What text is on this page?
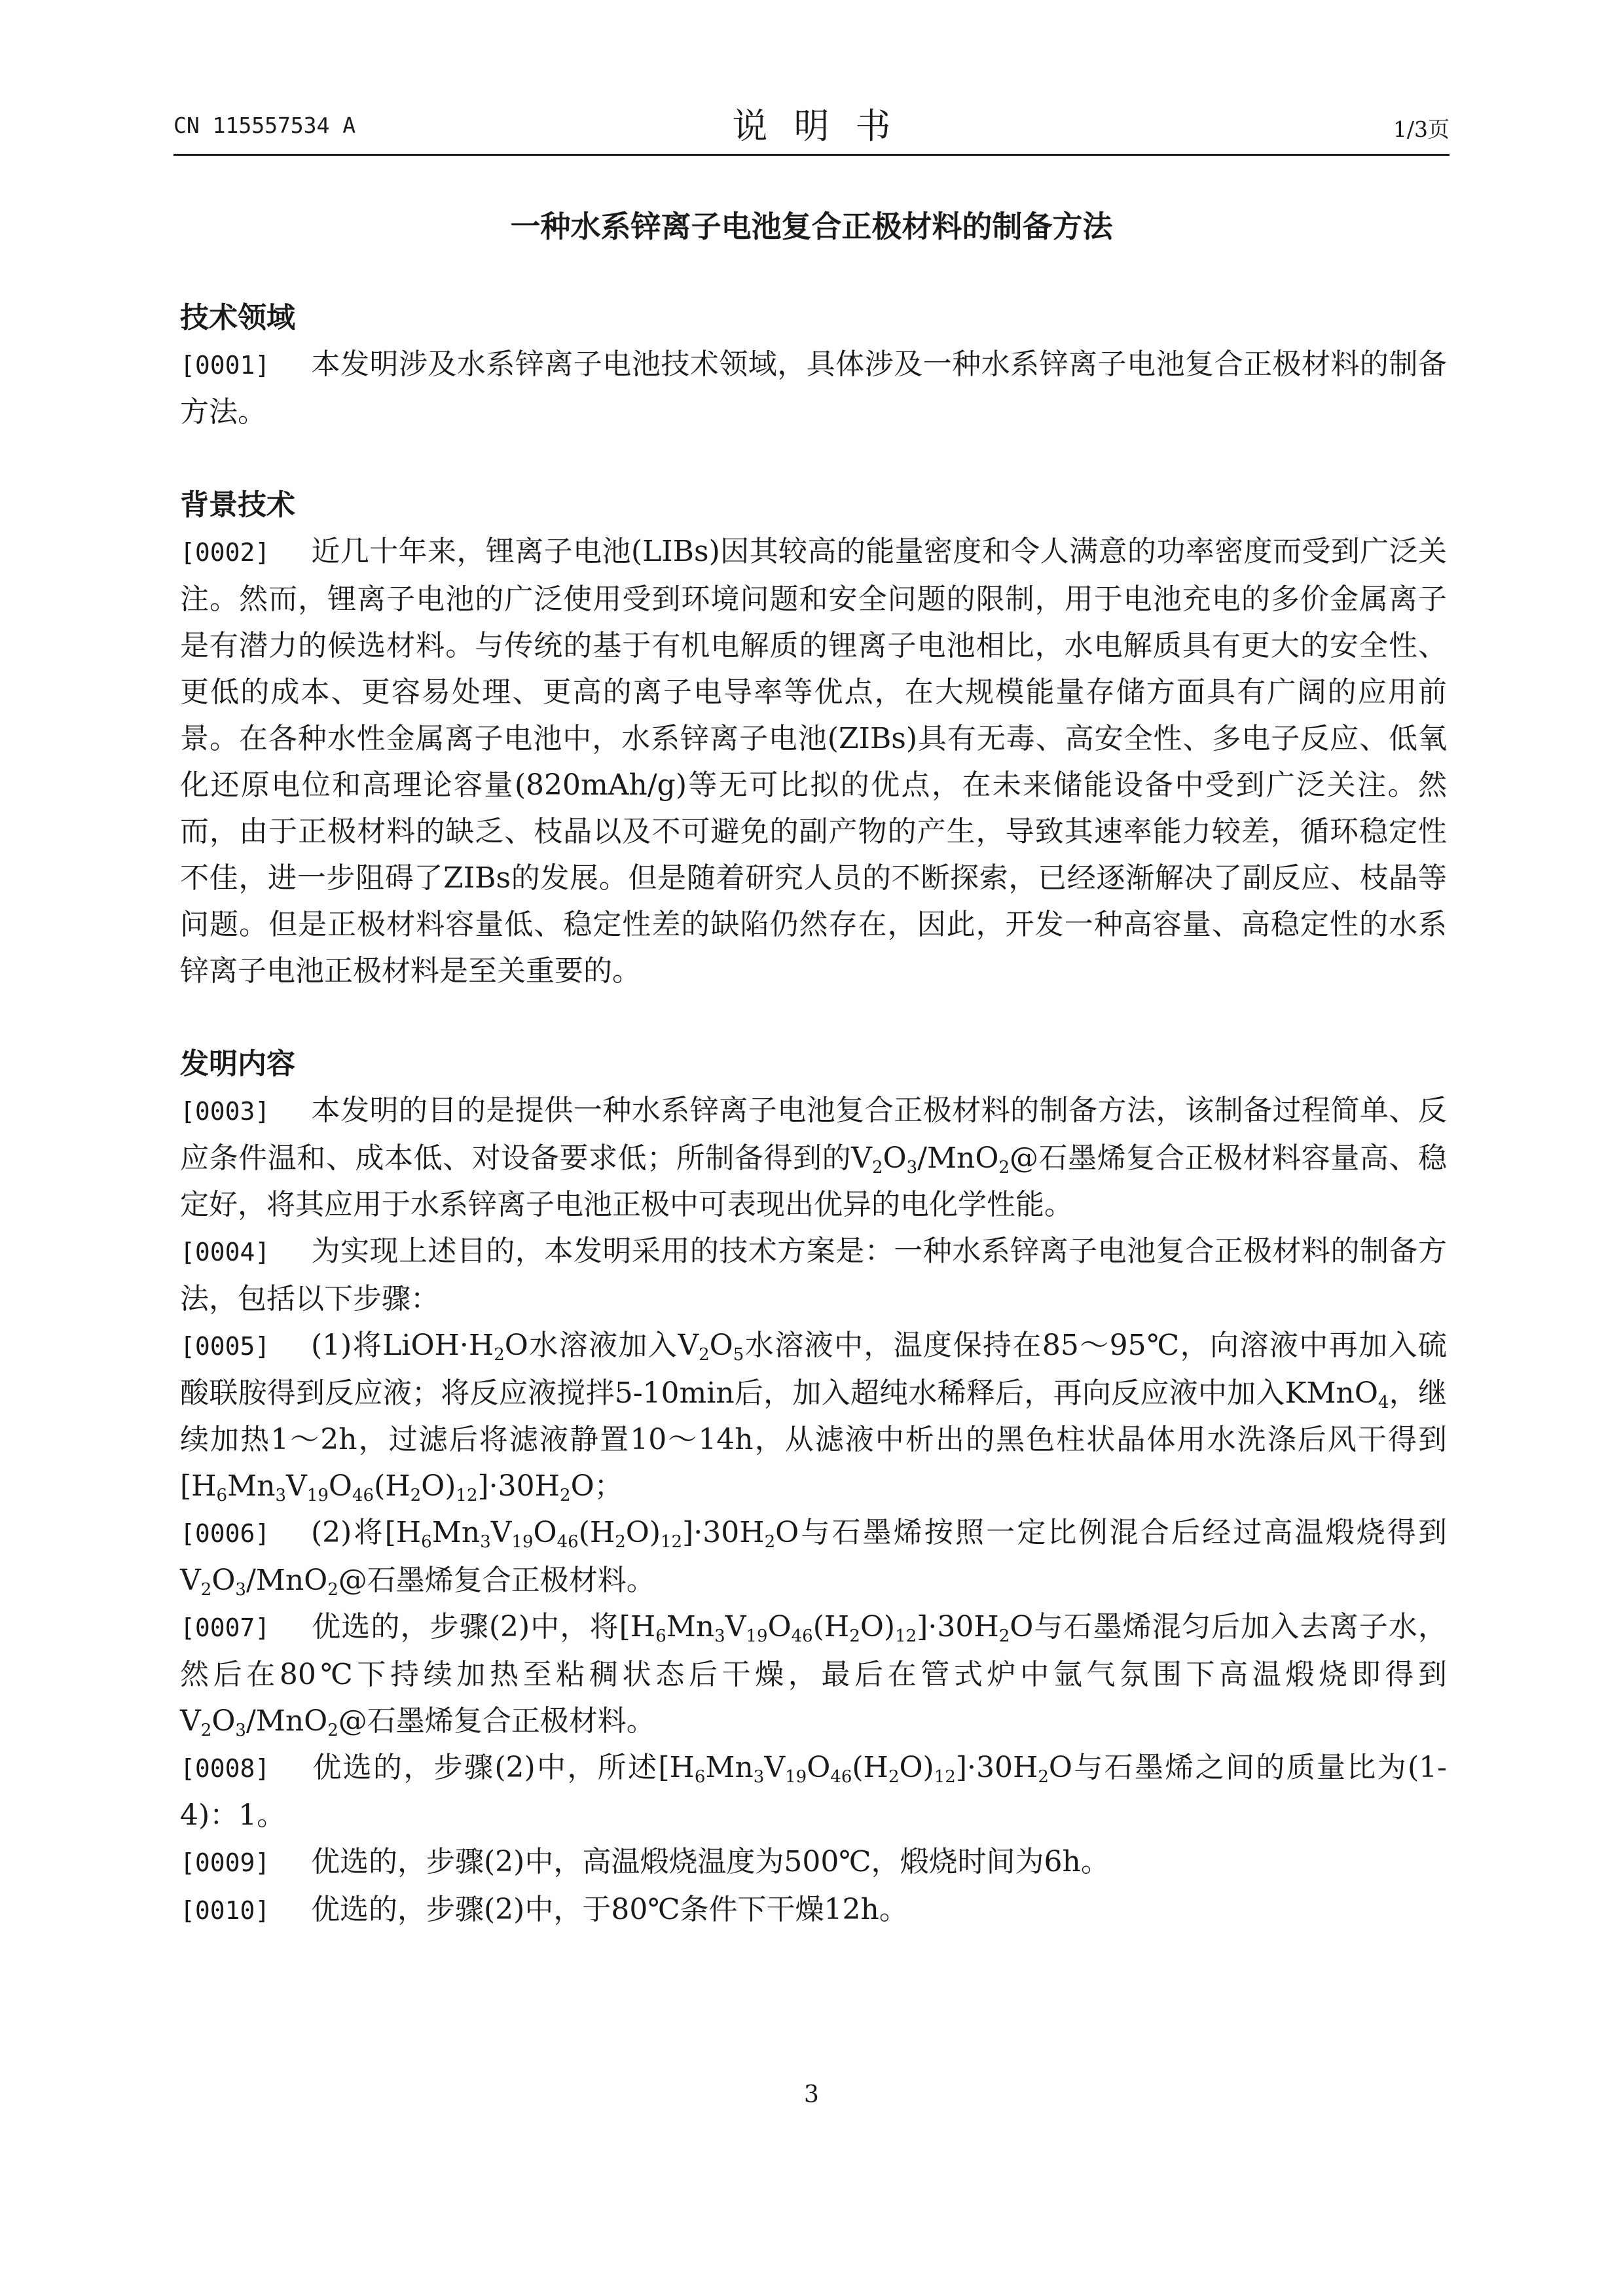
CN 115557534 A	说明书	1/3页
一种水系锌离子电池复合正极材料的制备方法
技术领域
[0001] 本发明涉及水系锌离子电池技术领域，具体涉及一种水系锌离子电池复合正极材料的制备方法。
背景技术
[0002] 近几十年来，锂离子电池(LIBs)因其较高的能量密度和令人满意的功率密度而受到广泛关注。然而，锂离子电池的广泛使用受到环境问题和安全问题的限制，用于电池充电的多价金属离子是有潜力的候选材料。与传统的基于有机电解质的锂离子电池相比，水电解质具有更大的安全性、更低的成本、更容易处理、更高的离子电导率等优点，在大规模能量存储方面具有广阔的应用前景。在各种水性金属离子电池中，水系锌离子电池(ZIBs)具有无毒、高安全性、多电子反应、低氧化还原电位和高理论容量(820mAh/g)等无可比拟的优点，在未来储能设备中受到广泛关注。然而，由于正极材料的缺乏、枝晶以及不可避免的副产物的产生，导致其速率能力较差，循环稳定性不佳，进一步阻碍了ZIBs的发展。但是随着研究人员的不断探索，已经逐渐解决了副反应、枝晶等问题。但是正极材料容量低、稳定性差的缺陷仍然存在，因此，开发一种高容量、高稳定性的水系锌离子电池正极材料是至关重要的。
发明内容
[0003] 本发明的目的是提供一种水系锌离子电池复合正极材料的制备方法，该制备过程简单、反应条件温和、成本低、对设备要求低；所制备得到的$V_2O_3/MnO_2@$石墨烯复合正极材料容量高、稳定好，将其应用于水系锌离子电池正极中可表现出优异的电化学性能。
[0004] 为实现上述目的，本发明采用的技术方案是：一种水系锌离子电池复合正极材料的制备方法，包括以下步骤：
[0005] (1)将$LiOH\cdot H_2O$水溶液加入$V_2O_5$水溶液中，温度保持在85～95℃，向溶液中再加入硫酸联胺得到反应液；将反应液搅拌5-10min后，加入超纯水稀释后，再向反应液中加入KMnO$_4$，继续加热1～2h，过滤后将滤液静置10～14h，从滤液中析出的黑色柱状晶体用水洗涤后风干得到$[H_6Mn_3V_{19}O_{46}(H_2O)_{12}]\cdot 30H_2O$；
[0006] (2)将$[H_6Mn_3V_{19}O_{46}(H_2O)_{12}]\cdot 30H_2O$与石墨烯按照一定比例混合后经过高温煅烧得到$V_2O_3/MnO_2@$石墨烯复合正极材料。
[0007] 优选的，步骤(2)中，将$[H_6Mn_3V_{19}O_{46}(H_2O)_{12}]\cdot 30H_2O$与石墨烯混匀后加入去离子水，然后在80℃下持续加热至粘稠状态后干燥，最后在管式炉中氩气氛围下高温煅烧即得到$V_2O_3/MnO_2@$石墨烯复合正极材料。
[0008] 优选的，步骤(2)中，所述$[H_6Mn_3V_{19}O_{46}(H_2O)_{12}]\cdot 30H_2O$与石墨烯之间的质量比为(1-4)：1。
[0009] 优选的，步骤(2)中，高温煅烧温度为500℃，煅烧时间为6h。
[0010] 优选的，步骤(2)中，于80℃条件下干燥12h。
3
